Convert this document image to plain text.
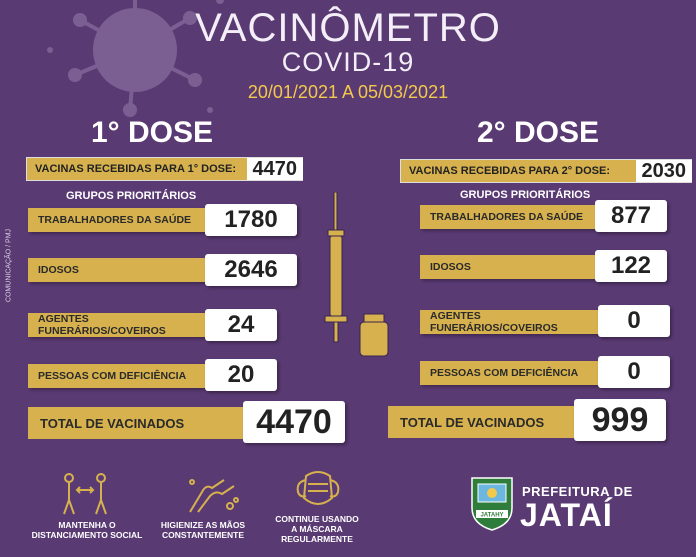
VACINÔMETRO
COVID-19
20/01/2021 A 05/03/2021
COMUNICAÇÃO / PMJ
1° DOSE
VACINAS RECEBIDAS PARA 1° DOSE: 4470
GRUPOS PRIORITÁRIOS
TRABALHADORES DA SAÚDE	1780
IDOSOS	2646
AGENTES FUNERÁRIOS/COVEIROS	24
PESSOAS COM DEFICIÊNCIA	20
TOTAL DE VACINADOS	4470
2° DOSE
VACINAS RECEBIDAS PARA 2° DOSE:	2030
GRUPOS PRIORITÁRIOS
TRABALHADORES DA SAÚDE	877
IDOSOS	122
AGENTES FUNERÁRIOS/COVEIROS	0
PESSOAS COM DEFICIÊNCIA	0
TOTAL DE VACINADOS	999
MANTENHA O
DISTANCIAMENTO SOCIAL
HIGIENIZE AS MÃOS
CONSTANTEMENTE
CONTINUE USANDO
A MÁSCARA
REGULARMENTE
JATAHY
PREFEITURA DE
JATAÍ
